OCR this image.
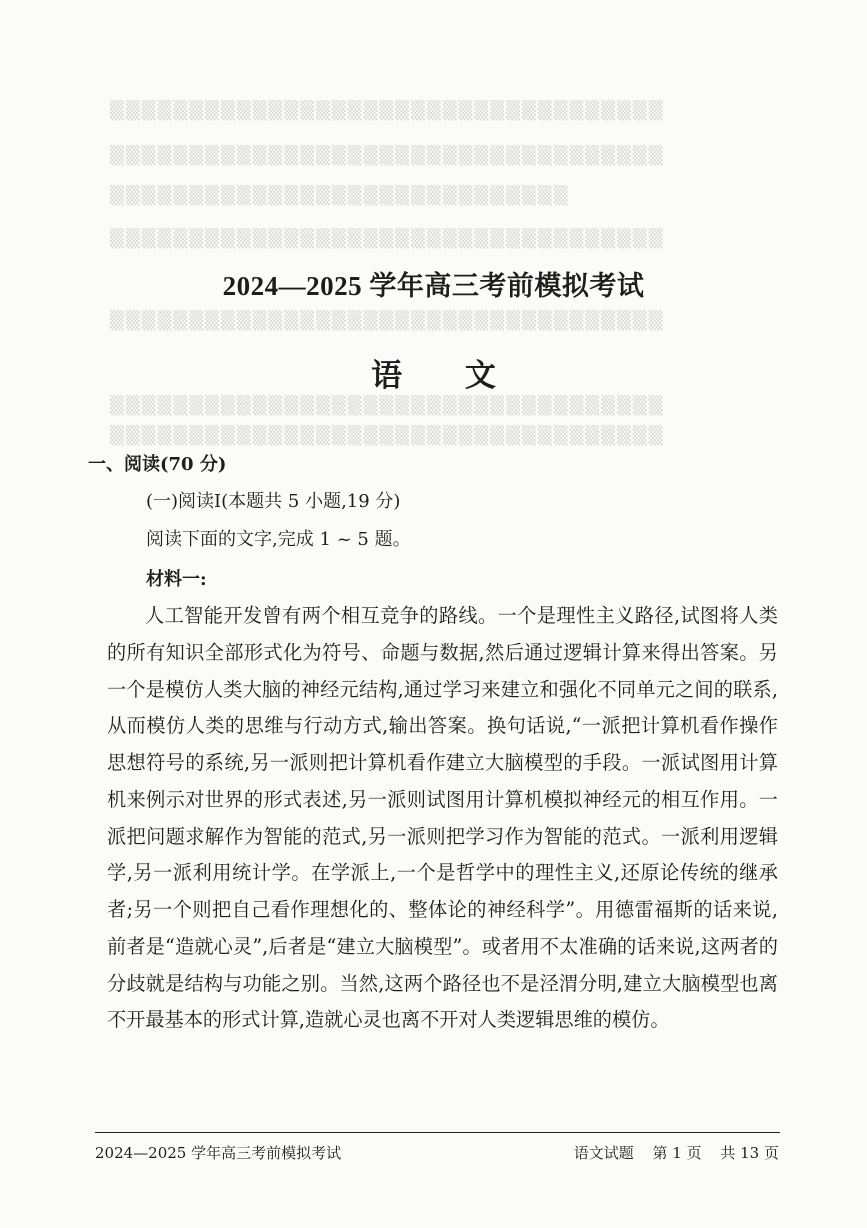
▒▒▒▒▒▒▒▒▒▒▒▒▒▒▒▒▒▒▒▒▒▒▒▒▒▒▒▒▒▒▒▒▒▒▒
▒▒▒▒▒▒▒▒▒▒▒▒▒▒▒▒▒▒▒▒▒▒▒▒▒▒▒▒▒▒▒▒▒▒▒
▒▒▒▒▒▒▒▒▒▒▒▒▒▒▒▒▒▒▒▒▒▒▒▒▒▒▒▒▒
▒▒▒▒▒▒▒▒▒▒▒▒▒▒▒▒▒▒▒▒▒▒▒▒▒▒▒▒▒▒▒▒▒▒▒
▒▒▒▒▒▒▒▒▒▒▒▒▒▒▒▒▒▒▒▒▒▒▒▒▒▒▒▒▒▒▒▒▒▒▒
▒▒▒▒▒▒▒▒▒▒▒▒▒▒▒▒▒▒▒▒▒▒▒▒▒▒▒▒▒▒▒▒▒▒▒
▒▒▒▒▒▒▒▒▒▒▒▒▒▒▒▒▒▒▒▒▒▒▒▒▒▒▒▒▒▒▒▒▒▒▒
2024—2025 学年高三考前模拟考试
语 文
一、阅读(70 分)
(一)阅读Ⅰ(本题共 5 小题,19 分)
阅读下面的文字,完成 1 ~ 5 题。
材料一:

人工智能开发曾有两个相互竞争的路线。一个是理性主义路径,试图将人类的所有知识全部形式化为符号、命题与数据,然后通过逻辑计算来得出答案。另一个是模仿人类大脑的神经元结构,通过学习来建立和强化不同单元之间的联系,从而模仿人类的思维与行动方式,输出答案。换句话说,“一派把计算机看作操作思想符号的系统,另一派则把计算机看作建立大脑模型的手段。一派试图用计算机来例示对世界的形式表述,另一派则试图用计算机模拟神经元的相互作用。一派把问题求解作为智能的范式,另一派则把学习作为智能的范式。一派利用逻辑学,另一派利用统计学。在学派上,一个是哲学中的理性主义,还原论传统的继承者;另一个则把自己看作理想化的、整体论的神经科学”。用德雷福斯的话来说,前者是“造就心灵”,后者是“建立大脑模型”。或者用不太准确的话来说,这两者的分歧就是结构与功能之别。当然,这两个路径也不是泾渭分明,建立大脑模型也离不开最基本的形式计算,造就心灵也离不开对人类逻辑思维的模仿。

2024—2025 学年高三考前模拟考试	语文试题 第 1 页 共 13 页
